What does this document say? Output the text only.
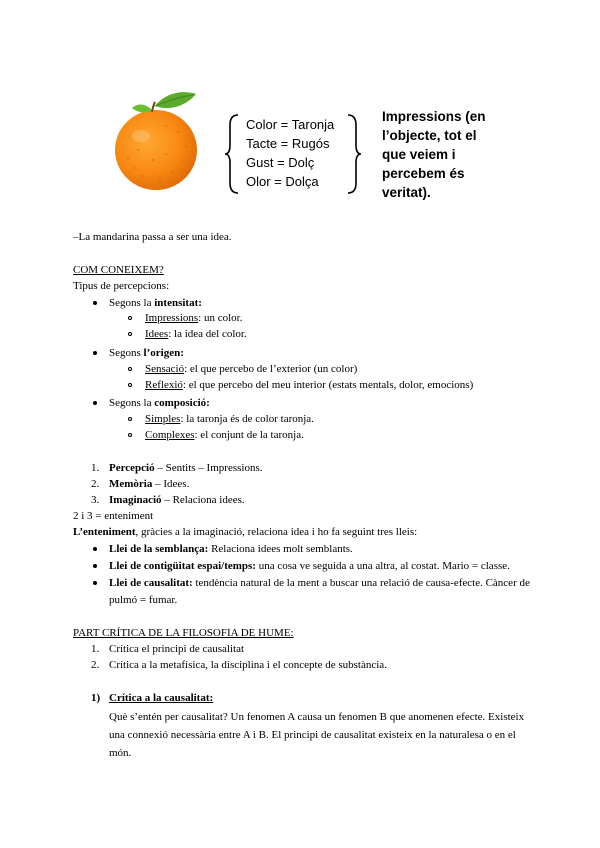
Color = Taronja
Tacte = Rugós
Gust = Dolç
Olor = Dolça
Impressions (en
l’objecte, tot el
que veiem i
percebem és
veritat).
–La mandarina passa a ser una idea.
COM CONEIXEM?
Tipus de percepcions:
Segons la intensitat:
Impressions: un color.
Idees: la idea del color.
Segons l’origen:
Sensació: el que percebo de l’exterior (un color)
Reflexió: el que percebo del meu interior (estats mentals, dolor, emocions)
Segons la composició:
Simples: la taronja és de color taronja.
Complexes: el conjunt de la taronja.
1. Percepció – Sentits – Impressions.
2. Memòria – Idees.
3. Imaginació – Relaciona idees.
2 i 3 = enteniment
L’enteniment, gràcies a la imaginació, relaciona idea i ho fa seguint tres lleis:
Llei de la semblança: Relaciona idees molt semblants.
Llei de contigüitat espai/temps: una cosa ve seguida a una altra, al costat. Mario = classe.
Llei de causalitat: tendència natural de la ment a buscar una relació de causa-efecte. Càncer de
pulmó = fumar.
PART CRÍTICA DE LA FILOSOFIA DE HUME:
1. Crítica el principi de causalitat
2. Crítica a la metafísica, la disciplina i el concepte de substància.
1) Crítica a la causalitat:
Què s’entén per causalitat? Un fenomen A causa un fenomen B que anomenen efecte. Existeix
una connexió necessària entre A i B. El principi de causalitat existeix en la naturalesa o en el
món.
